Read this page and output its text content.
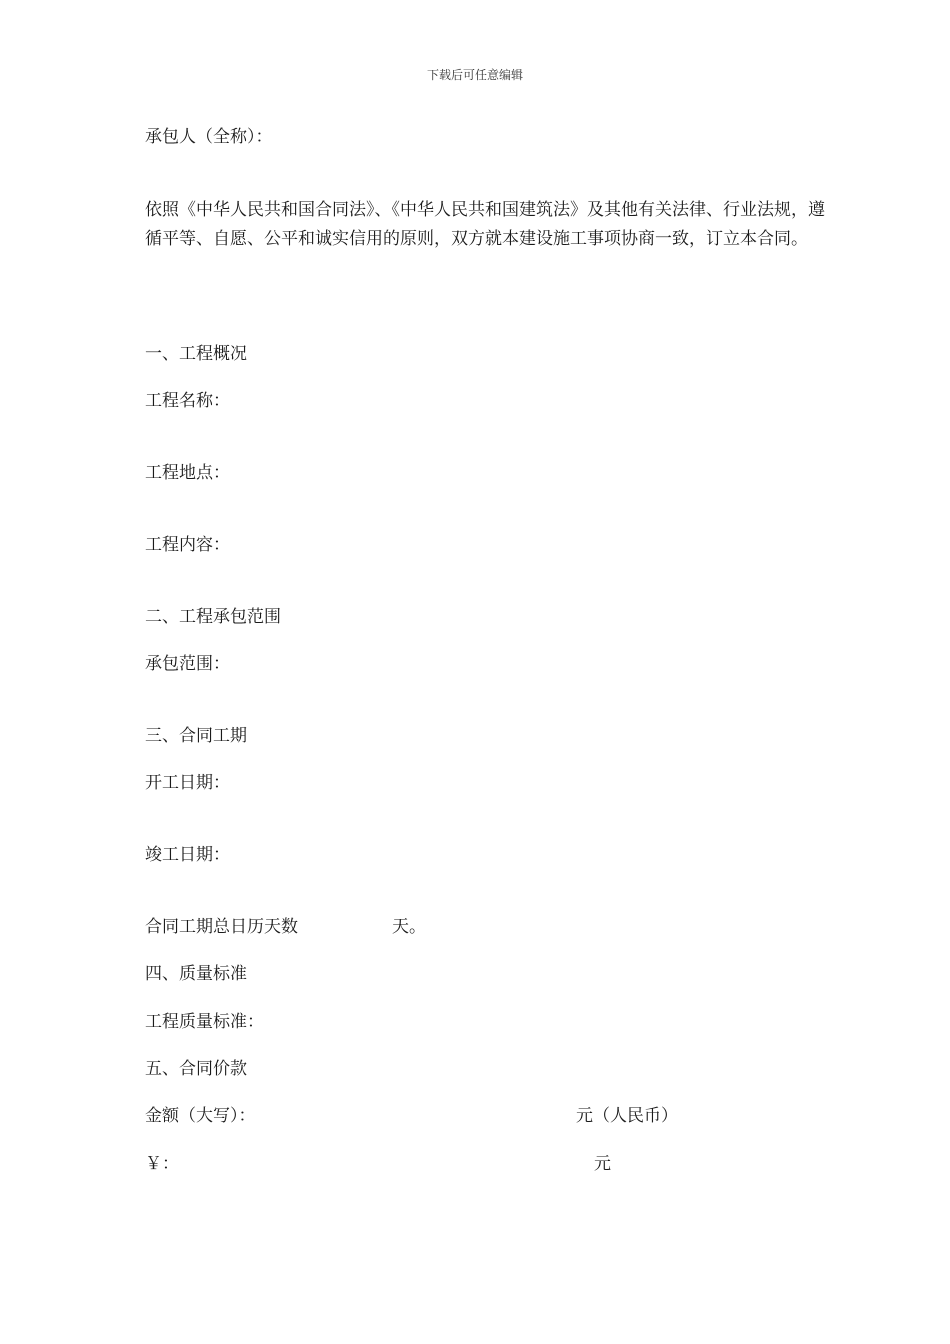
下载后可任意编辑
承包人（全称）：
依照《中华人民共和国合同法》、《中华人民共和国建筑法》及其他有关法律、行业法规，遵循平等、自愿、公平和诚实信用的原则，双方就本建设施工事项协商一致，订立本合同。
一、工程概况
工程名称：
工程地点：
工程内容：
二、工程承包范围
承包范围：
三、合同工期
开工日期：
竣工日期：
合同工期总日历天数	天。
四、质量标准
工程质量标准：
五、合同价款
金额（大写）：	元（人民币）
￥：	元
